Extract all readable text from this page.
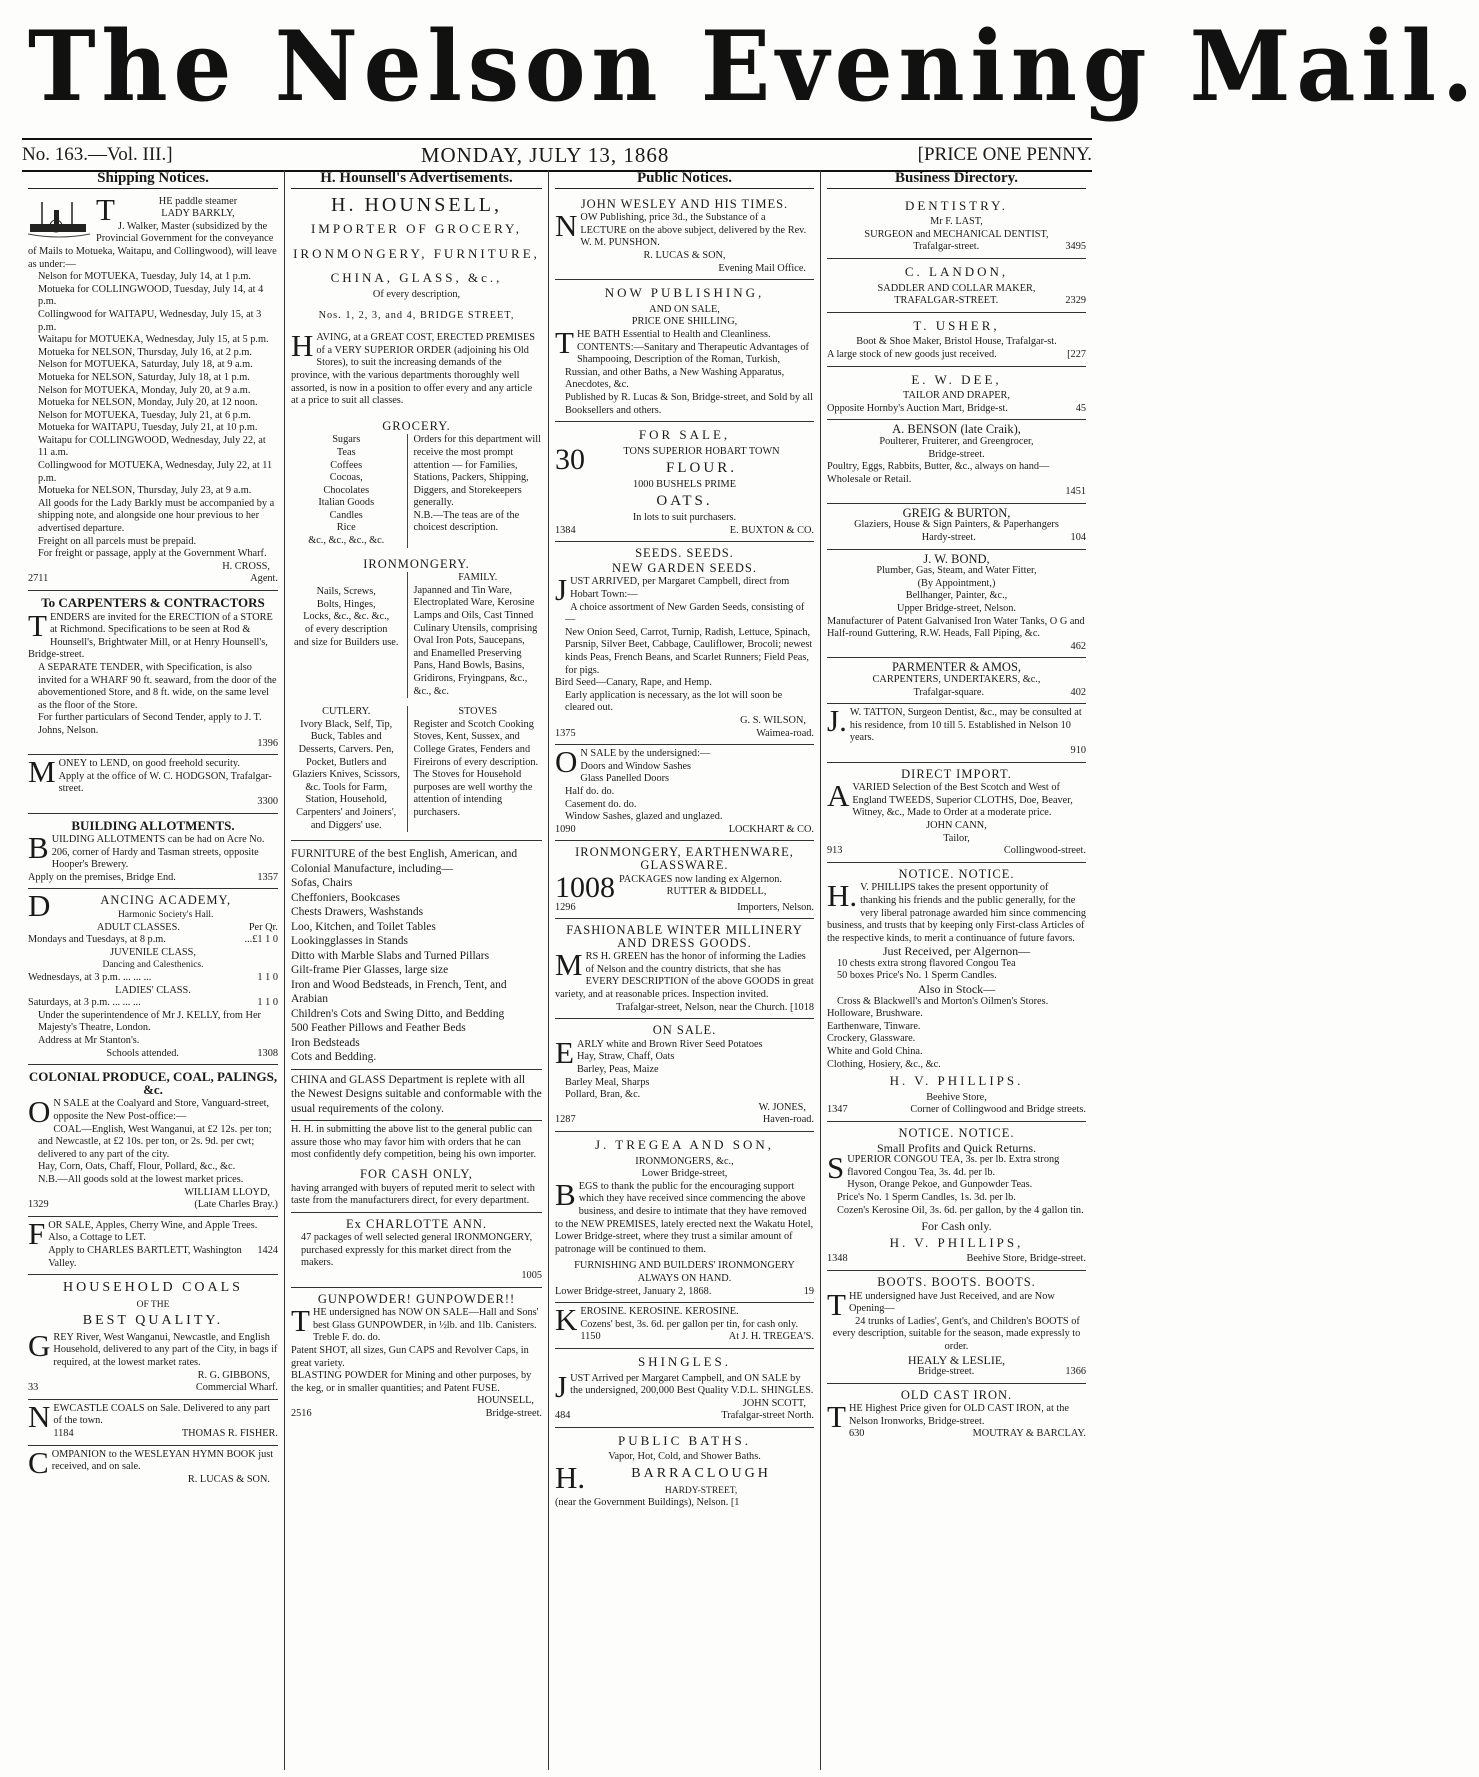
The Nelson Evening Mail.
No. 163.—Vol. III.]	MONDAY, JULY 13, 1868	[PRICE ONE PENNY.
Shipping Notices.
T	HE paddle steamer

LADY BARKLY,

J. Walker, Master (subsidized by the Provincial Government for the conveyance of Mails to Motueka, Waitapu, and Collingwood), will leave as under:—

Nelson for MOTUEKA, Tuesday, July 14, at 1 p.m.

Motueka for COLLINGWOOD, Tuesday, July 14, at 4 p.m.

Collingwood for WAITAPU, Wednesday, July 15, at 3 p.m.

Waitapu for MOTUEKA, Wednesday, July 15, at 5 p.m.

Motueka for NELSON, Thursday, July 16, at 2 p.m.

Nelson for MOTUEKA, Saturday, July 18, at 9 a.m.

Motueka for NELSON, Saturday, July 18, at 1 p.m.

Nelson for MOTUEKA, Monday, July 20, at 9 a.m.

Motueka for NELSON, Monday, July 20, at 12 noon.

Nelson for MOTUEKA, Tuesday, July 21, at 6 p.m.

Motueka for WAITAPU, Tuesday, July 21, at 10 p.m.

Waitapu for COLLINGWOOD, Wednesday, July 22, at 11 a.m.

Collingwood for MOTUEKA, Wednesday, July 22, at 11 p.m.

Motueka for NELSON, Thursday, July 23, at 9 a.m.

All goods for the Lady Barkly must be accompanied by a shipping note, and alongside one hour previous to her advertised departure.

Freight on all parcels must be prepaid.

For freight or passage, apply at the Government Wharf.

H. CROSS,

2711	Agent.
To CARPENTERS & CONTRACTORS
T ENDERS are invited for the ERECTION of a STORE at Richmond. Specifications to be seen at Rod & Hounsell's, Brightwater Mill, or at Henry Hounsell's, Bridge-street.

A SEPARATE TENDER, with Specification, is also invited for a WHARF 90 ft. seaward, from the door of the abovementioned Store, and 8 ft. wide, on the same level as the floor of the Store.

For further particulars of Second Tender, apply to J. T. Johns, Nelson.

1396

M ONEY to LEND, on good freehold security.

Apply at the office of W. C. HODGSON, Trafalgar-street.

3300

BUILDING ALLOTMENTS.
B UILDING ALLOTMENTS can be had on Acre No. 206, corner of Hardy and Tasman streets, opposite Hooper's Brewery.

Apply on the premises, Bridge End.	1357
D	ANCING ACADEMY,
Harmonic Society's Hall.
ADULT CLASSES.	Per Qr.
Mondays and Tuesdays, at 8 p.m.	...£1 1 0
JUVENILE CLASS,
Dancing and Calesthenics.
Wednesdays, at 3 p.m. ... ... ...	1 1 0
LADIES' CLASS.
Saturdays, at 3 p.m. ... ... ...	1 1 0

Under the superintendence of Mr J. KELLY, from Her Majesty's Theatre, London.

Address at Mr Stanton's.

Schools attended.	1308
COLONIAL PRODUCE, COAL, PALINGS, &c.
O N SALE at the Coalyard and Store, Vanguard-street, opposite the New Post-office:—

COAL—English, West Wanganui, at £2 12s. per ton; and Newcastle, at £2 10s. per ton, or 2s. 9d. per cwt; delivered to any part of the city.

Hay, Corn, Oats, Chaff, Flour, Pollard, &c., &c.

N.B.—All goods sold at the lowest market prices.

WILLIAM LLOYD,

1329	(Late Charles Bray.)
F OR SALE, Apples, Cherry Wine, and Apple Trees.

Also, a Cottage to LET.

Apply to CHARLES BARTLETT, Washington Valley.
1424
HOUSEHOLD COALS
OF THE
BEST QUALITY.
G REY River, West Wanganui, Newcastle, and English Household, delivered to any part of the City, in bags if required, at the lowest market rates.

R. G. GIBBONS,

33	Commercial Wharf.
N EWCASTLE COALS on Sale. Delivered to any part of the town.

1184	THOMAS R. FISHER.
C OMPANION to the WESLEYAN HYMN BOOK just received, and on sale.

R. LUCAS & SON.

H. Hounsell's Advertisements.
H. HOUNSELL,
IMPORTER OF GROCERY,
IRONMONGERY, FURNITURE,
CHINA, GLASS, &c.,
Of every description,
Nos. 1, 2, 3, and 4, BRIDGE STREET,
H AVING, at a GREAT COST, ERECTED PREMISES of a VERY SUPERIOR ORDER (adjoining his Old Stores), to suit the increasing demands of the province, with the various departments thoroughly well assorted, is now in a position to offer every and any article at a price to suit all classes.

GROCERY.
Sugars
Teas
Coffees
Cocoas,
Chocolates
Italian Goods
Candles
Rice
&c., &c., &c., &c.

Orders for this department will receive the most prompt attention — for Families, Stations, Packers, Shipping, Diggers, and Storekeepers generally.

N.B.—The teas are of the choicest description.

IRONMONGERY.
Nails, Screws,
Bolts, Hinges,
Locks, &c., &c. &c.,
of every description
and size for Builders use.
FAMILY.

Japanned and Tin Ware, Electroplated Ware, Kerosine Lamps and Oils, Cast Tinned Culinary Utensils, comprising Oval Iron Pots, Saucepans, and Enamelled Preserving Pans, Hand Bowls, Basins, Gridirons, Fryingpans, &c., &c., &c.

CUTLERY.

Ivory Black, Self, Tip, Buck, Tables and Desserts, Carvers. Pen, Pocket, Butlers and Glaziers Knives, Scissors, &c. Tools for Farm, Station, Household, Carpenters' and Joiners', and Diggers' use.

STOVES

Register and Scotch Cooking Stoves, Kent, Sussex, and College Grates, Fenders and Fireirons of every description. The Stoves for Household purposes are well worthy the attention of intending purchasers.

FURNITURE of the best English, American, and Colonial Manufacture, including—

Sofas, Chairs

Cheffoniers, Bookcases

Chests Drawers, Washstands

Loo, Kitchen, and Toilet Tables

Lookingglasses in Stands

Ditto with Marble Slabs and Turned Pillars

Gilt-frame Pier Glasses, large size

Iron and Wood Bedsteads, in French, Tent, and Arabian

Children's Cots and Swing Ditto, and Bedding

500 Feather Pillows and Feather Beds

Iron Bedsteads

Cots and Bedding.

CHINA and GLASS Department is replete with all the Newest Designs suitable and conformable with the usual requirements of the colony.

H. H. in submitting the above list to the general public can assure those who may favor him with orders that he can most confidently defy competition, being his own importer.

FOR CASH ONLY,

having arranged with buyers of reputed merit to select with taste from the manufacturers direct, for every department.

Ex CHARLOTTE ANN.

47 packages of well selected general IRONMONGERY, purchased expressly for this market direct from the makers.

1005

GUNPOWDER! GUNPOWDER!!
T HE undersigned has NOW ON SALE—Hall and Sons' best Glass GUNPOWDER, in ½lb. and 1lb. Canisters.

Treble F. do. do.

Patent SHOT, all sizes, Gun CAPS and Revolver Caps, in great variety.

BLASTING POWDER for Mining and other purposes, by the keg, or in smaller quantities; and Patent FUSE.

HOUNSELL,

2516	Bridge-street.
Public Notices.
JOHN WESLEY AND HIS TIMES.
N OW Publishing, price 3d., the Substance of a LECTURE on the above subject, delivered by the Rev. W. M. PUNSHON.

R. LUCAS & SON,

Evening Mail Office.

NOW PUBLISHING,
AND ON SALE,
PRICE ONE SHILLING,
T HE BATH Essential to Health and Cleanliness.

CONTENTS:—Sanitary and Therapeutic Advantages of Shampooing, Description of the Roman, Turkish, Russian, and other Baths, a New Washing Apparatus, Anecdotes, &c.

Published by R. Lucas & Son, Bridge-street, and Sold by all Booksellers and others.

FOR SALE,
30	TONS SUPERIOR HOBART TOWN
FLOUR.
1000 BUSHELS PRIME
OATS.
In lots to suit purchasers.
1384	E. BUXTON & CO.
SEEDS. SEEDS.
NEW GARDEN SEEDS.
J UST ARRIVED, per Margaret Campbell, direct from Hobart Town:—

A choice assortment of New Garden Seeds, consisting of—

New Onion Seed, Carrot, Turnip, Radish, Lettuce, Spinach, Parsnip, Silver Beet, Cabbage, Cauliflower, Brocoli; newest kinds Peas, French Beans, and Scarlet Runners; Field Peas, for pigs.

Bird Seed—Canary, Rape, and Hemp.

Early application is necessary, as the lot will soon be cleared out.

G. S. WILSON,

1375	Waimea-road.
O N SALE by the undersigned:—

Doors and Window Sashes

Glass Panelled Doors

Half do. do.

Casement do. do.

Window Sashes, glazed and unglazed.

1090	LOCKHART & CO.
IRONMONGERY, EARTHENWARE, GLASSWARE.
1008 PACKAGES now landing ex Algernon.

RUTTER & BIDDELL,

1296	Importers, Nelson.
FASHIONABLE WINTER MILLINERY AND DRESS GOODS.
M RS H. GREEN has the honor of informing the Ladies of Nelson and the country districts, that she has EVERY DESCRIPTION of the above GOODS in great variety, and at reasonable prices. Inspection invited.

Trafalgar-street, Nelson, near the Church. [1018

ON SALE.
E ARLY white and Brown River Seed Potatoes

Hay, Straw, Chaff, Oats

Barley, Peas, Maize

Barley Meal, Sharps

Pollard, Bran, &c.

W. JONES,

1287	Haven-road.
J. TREGEA AND SON,
IRONMONGERS, &c.,
Lower Bridge-street,
B EGS to thank the public for the encouraging support which they have received since commencing the above business, and desire to intimate that they have removed to the NEW PREMISES, lately erected next the Wakatu Hotel, Lower Bridge-street, where they trust a similar amount of patronage will be continued to them.

FURNISHING AND BUILDERS' IRONMONGERY ALWAYS ON HAND.

Lower Bridge-street, January 2, 1868.	19
K EROSINE. KEROSINE. KEROSINE.

Cozens' best, 3s. 6d. per gallon per tin, for cash only.

1150	At J. H. TREGEA'S.
SHINGLES.
J UST Arrived per Margaret Campbell, and ON SALE by the undersigned, 200,000 Best Quality V.D.L. SHINGLES.

JOHN SCOTT,

484	Trafalgar-street North.
PUBLIC BATHS.
Vapor, Hot, Cold, and Shower Baths.
H.	BARRACLOUGH
HARDY-STREET,

(near the Government Buildings), Nelson. [1

Business Directory.
DENTISTRY.
Mr F. LAST,
SURGEON and MECHANICAL DENTIST,
Trafalgar-street.	3495
C. LANDON,
SADDLER AND COLLAR MAKER,
TRAFALGAR-STREET.	2329
T. USHER,
Boot & Shoe Maker, Bristol House, Trafalgar-st.
A large stock of new goods just received.	[227
E. W. DEE,
TAILOR AND DRAPER,
Opposite Hornby's Auction Mart, Bridge-st.	45
A. BENSON (late Craik),
Poulterer, Fruiterer, and Greengrocer,
Bridge-street.

Poultry, Eggs, Rabbits, Butter, &c., always on hand—Wholesale or Retail.

1451

GREIG & BURTON,
Glaziers, House & Sign Painters, & Paperhangers
Hardy-street.	104
J. W. BOND,
Plumber, Gas, Steam, and Water Fitter,
(By Appointment,)
Bellhanger, Painter, &c.,
Upper Bridge-street, Nelson.

Manufacturer of Patent Galvanised Iron Water Tanks, O G and Half-round Guttering, R.W. Heads, Fall Piping, &c.

462

PARMENTER & AMOS,
CARPENTERS, UNDERTAKERS, &c.,
Trafalgar-square.	402
J. W. TATTON, Surgeon Dentist, &c., may be consulted at his residence, from 10 till 5. Established in Nelson 10 years.

910

DIRECT IMPORT.
A VARIED Selection of the Best Scotch and West of England TWEEDS, Superior CLOTHS, Doe, Beaver, Witney, &c., Made to Order at a moderate price.

JOHN CANN,

Tailor,

913	Collingwood-street.
NOTICE. NOTICE.
H. V. PHILLIPS takes the present opportunity of thanking his friends and the public generally, for the very liberal patronage awarded him since commencing business, and trusts that by keeping only First-class Articles of the respective kinds, to merit a continuance of future favors.

Just Received, per Algernon—

10 chests extra strong flavored Congou Tea

50 boxes Price's No. 1 Sperm Candles.

Also in Stock—

Cross & Blackwell's and Morton's Oilmen's Stores.

Holloware, Brushware.

Earthenware, Tinware.

Crockery, Glassware.

White and Gold China.

Clothing, Hosiery, &c., &c.

H. V. PHILLIPS.
Beehive Store,
1347	Corner of Collingwood and Bridge streets.
NOTICE. NOTICE.
Small Profits and Quick Returns.
S UPERIOR CONGOU TEA, 3s. per lb. Extra strong flavored Congou Tea, 3s. 4d. per lb.

Hyson, Orange Pekoe, and Gunpowder Teas.

Price's No. 1 Sperm Candles, 1s. 3d. per lb.

Cozen's Kerosine Oil, 3s. 6d. per gallon, by the 4 gallon tin.

For Cash only.
H. V. PHILLIPS,
1348	Beehive Store, Bridge-street.
BOOTS. BOOTS. BOOTS.
T HE undersigned have Just Received, and are Now Opening—

24 trunks of Ladies', Gent's, and Children's BOOTS of every description, suitable for the season, made expressly to order.

HEALY & LESLIE,
Bridge-street.	1366
OLD CAST IRON.
T HE Highest Price given for OLD CAST IRON, at the Nelson Ironworks, Bridge-street.

630	MOUTRAY & BARCLAY.
